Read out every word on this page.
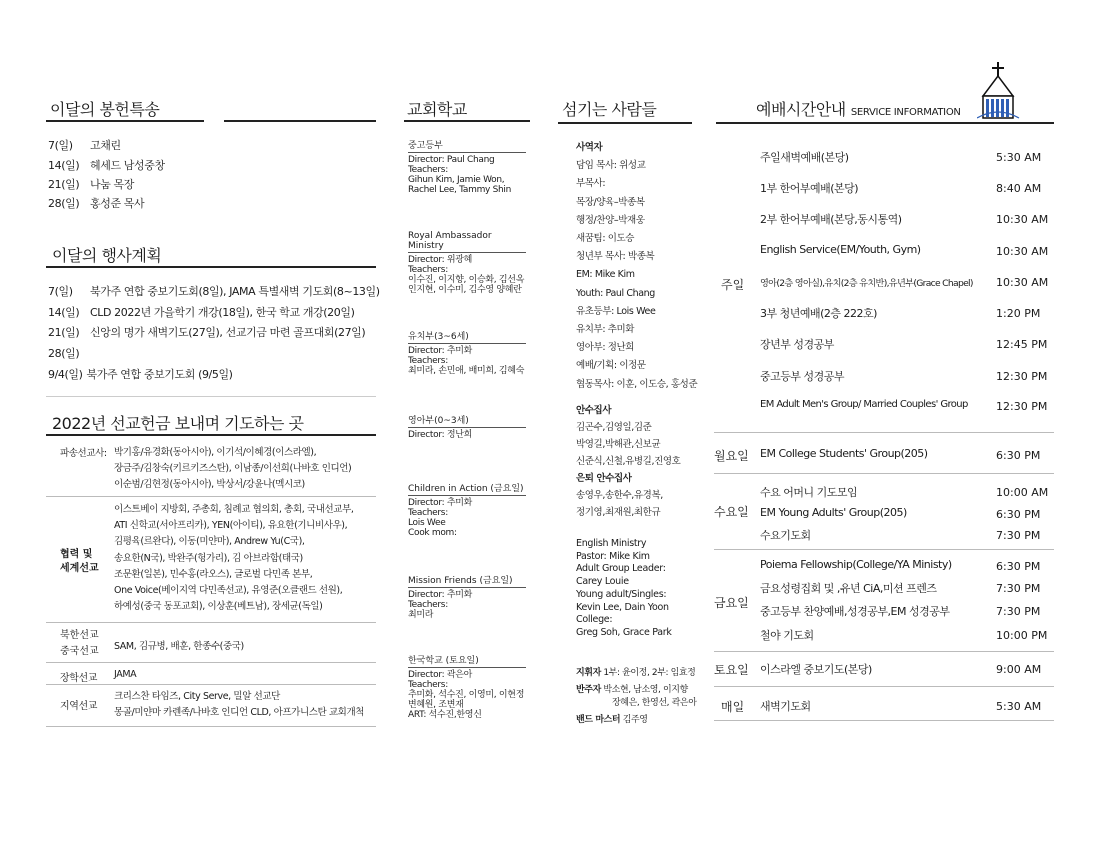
이달의 봉헌특송
7(일) 고채린
14(일) 헤세드 남성중창
21(일) 나눔 목장
28(일) 홍성준 목사
이달의 행사계획
7(일) 북가주 연합 중보기도회(8일), JAMA 특별새벽 기도회(8~13일)
14(일) CLD 2022년 가을학기 개강(18일), 한국 학교 개강(20일)
21(일) 신앙의 명가 새벽기도(27일), 선교기금 마련 골프대회(27일)
28(일)
9/4(일) 북가주 연합 중보기도회 (9/5일)
2022년 선교헌금 보내며 기도하는 곳
파송선교사: 박기홍/유경화(동아시아), 이기석/이혜경(이스라엘),
장금주/김창숙(키르키즈스탄), 이남종/이선희(나바호 인디언)
이순범/김현정(동아시아), 박상서/강윤나(멕시코)
협력 및
세계선교
이스트베이 지방회, 주총회, 침례교 협의회, 총회, 국내선교부,
ATI 신학교(서아프리카), YEN(아이티), 유요한(기니비사우),
김평육(르완다), 이동(미얀마), Andrew Yu(C국),
송요한(N국), 박완주(헝가리), 김 아브라함(태국)
조문환(일본), 민수홍(라오스), 글로벌 다민족 본부,
One Voice(베이지역 다민족선교), 유영준(오클랜드 선원),
하예성(중국 동포교회), 이상훈(베트남), 장세균(독일)
북한선교
중국선교 SAM, 김규병, 배훈, 한종수(중국)
장학선교 JAMA
지역선교
크리스찬 타임즈, City Serve, 밀알 선교단
몽골/미얀마 카렌족/나바호 인디언 CLD, 아프가니스탄 교회개척
교회학교
중고등부
Director: Paul Chang
Teachers:
Gihun Kim, Jamie Won,
Rachel Lee, Tammy Shin
Royal Ambassador Ministry
Director: 위광혜
Teachers:
이수진, 이지향, 이승화, 김선옥
인지현, 이수미, 김수영 양혜란
유치부(3~6세)
Director: 추미화
Teachers:
최미라, 손민애, 배미희, 김혜숙
영아부(0~3세)
Director: 정난희
Children in Action (금요일)
Director: 추미화
Teachers:
Lois Wee
Cook mom:
Mission Friends (금요일)
Director: 추미화
Teachers:
최미라
한국학교 (토요일)
Director: 곽은아
Teachers:
추미화, 석수진, 이영미, 이현정
변혜원, 조변재
ART: 석수진,한영신
섬기는 사람들
사역자
담임 목사: 위성교
부목사:
목장/양육–박종복
행정/찬양–박재웅
새꿈팀: 이도승
청년부 목사: 박종복
EM: Mike Kim
Youth: Paul Chang
유초등부: Lois Wee
유치부: 추미화
영아부: 정난희
예배/기획: 이정문
협동목사: 이훈, 이도승, 홍성준
안수집사
김곤수,김영일,김준
박영길,박해관,신보균
신준식,신철,유병길,진영호
은퇴 안수집사
송영우,송한수,유경복,
정기영,최재원,최한규
English Ministry
Pastor: Mike Kim
Adult Group Leader:
Carey Louie
Young adult/Singles:
Kevin Lee, Dain Yoon
College:
Greg Soh, Grace Park
지휘자 1부: 윤이정, 2부: 임효정
반주자 박소현, 남소영, 이지향
장혜은, 한영선, 곽은아
밴드 마스터 김주영
예배시간안내 SERVICE INFORMATION
주일
주일새벽예배(본당)	5:30 AM
1부 한어부예배(본당)	8:40 AM
2부 한어부예배(본당,동시통역)	10:30 AM
English Service(EM/Youth, Gym)	10:30 AM
영아(2층 영아실),유치(2층 유치반),유년부(Grace Chapel) 10:30 AM
3부 청년예배(2층 222호)	1:20 PM
장년부 성경공부	12:45 PM
중고등부 성경공부	12:30 PM
EM Adult Men's Group/ Married Couples' Group	12:30 PM
월요일 EM College Students' Group(205)	6:30 PM
수요일
수요 어머니 기도모임	10:00 AM
EM Young Adults' Group(205)	6:30 PM
수요기도회	7:30 PM
금요일
Poiema Fellowship(College/YA Ministy)	6:30 PM
금요성령집회 및 ,유년 CiA,미션 프렌즈	7:30 PM
중고등부 찬양예배,성경공부,EM 성경공부	7:30 PM
철야 기도회	10:00 PM
토요일 이스라엘 중보기도(본당)	9:00 AM
매일 새벽기도회	5:30 AM
